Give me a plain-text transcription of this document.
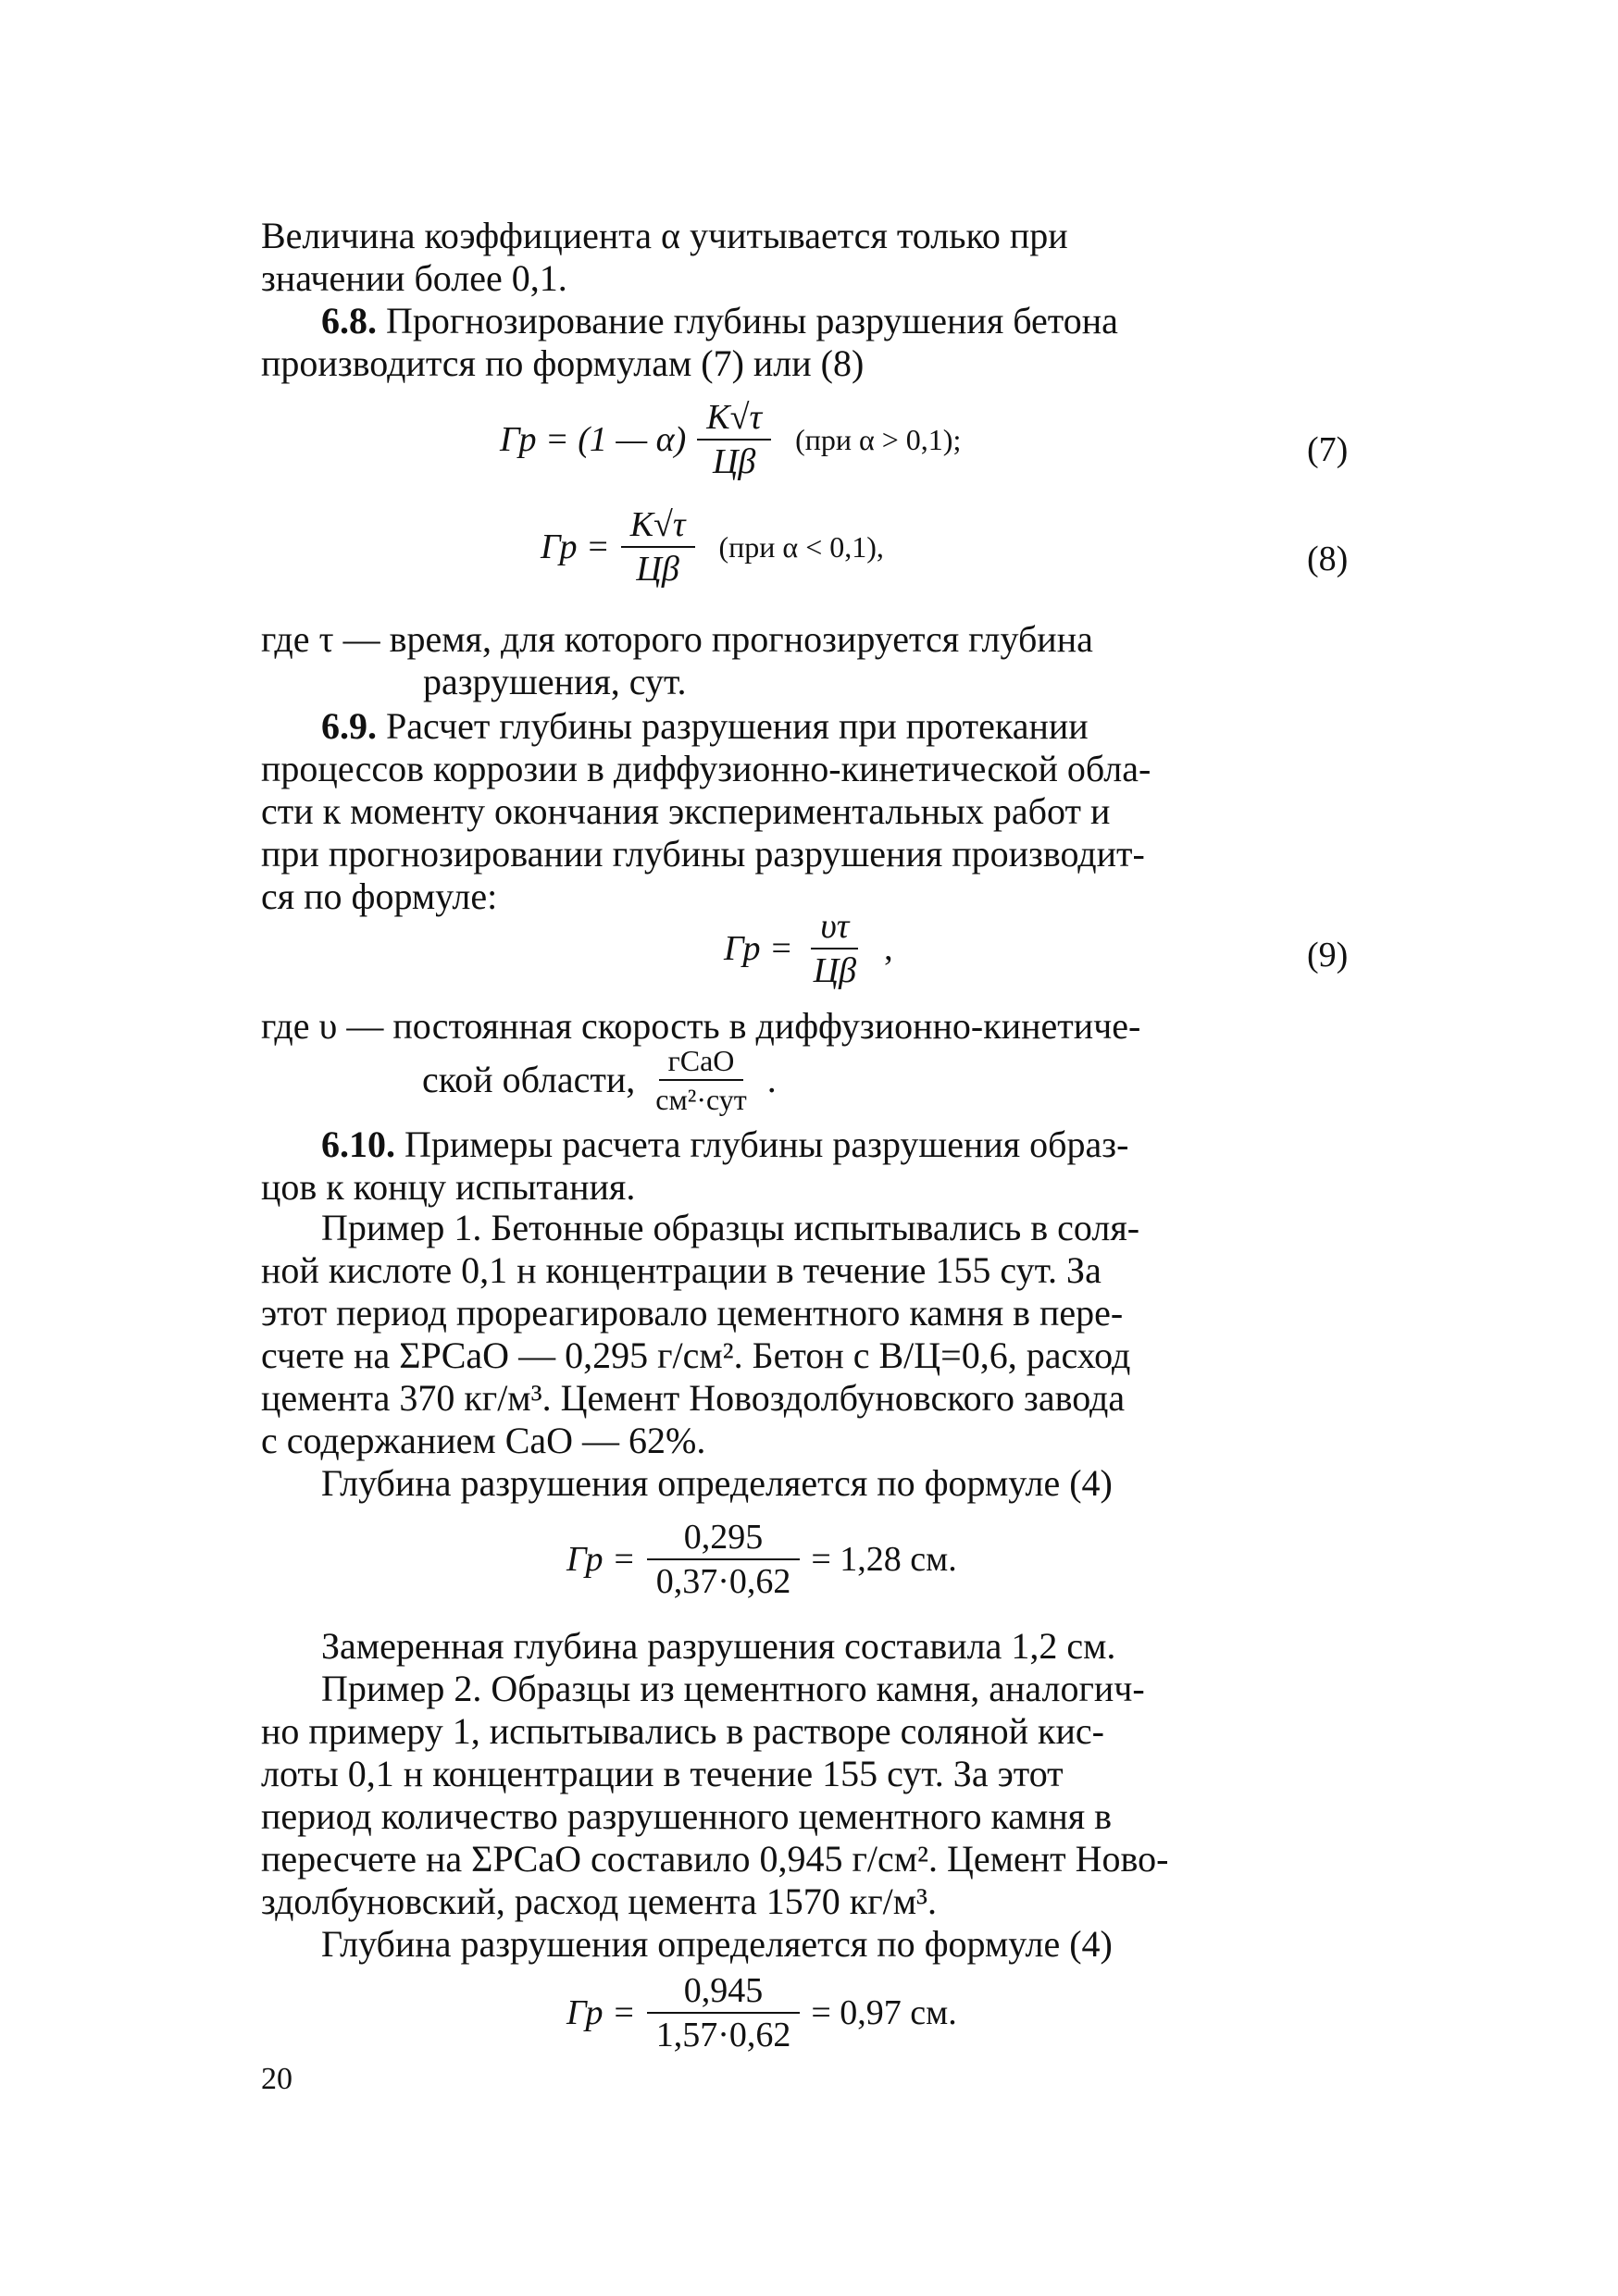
Величина коэффициента α учитывается только при
значении более 0,1.
6.8. Прогнозирование глубины разрушения бетона
производится по формулам (7) или (8)
Гр = (1 — $\alpha) \frac{K√\tau}{Ц\beta} (при$ α > 0,1);	(7)
Гр = $\frac{K√\tau}{Ц\beta} (при$ α < 0,1),	(8)
где τ — время, для которого прогнозируется глубина
разрушения, сут.
6.9. Расчет глубины разрушения при протекании
процессов коррозии в диффузионно-кинетической обла-
сти к моменту окончания экспериментальных работ и
при прогнозировании глубины разрушения производит-
ся по формуле:
Гр = $\frac{\upsilon\tau}{Ц\beta}$ ,	(9)
где υ — постоянная скорость в диффузионно-кинетиче-
ской области, $\frac{\text{гCaO}}{\text{см²·сут}}$ .
6.10. Примеры расчета глубины разрушения образ-
цов к концу испытания.
Пример 1. Бетонные образцы испытывались в соля-
ной кислоте 0,1 н концентрации в течение 155 сут. За
этот период прореагировало цементного камня в пере-
счете на ΣPCaO — 0,295 г/см². Бетон с В/Ц=0,6, расход
цемента 370 кг/м³. Цемент Новоздолбуновского завода
с содержанием CaO — 62%.
Глубина разрушения определяется по формуле (4)
Гр = $\frac{0,295}{0,37\cdot 0,62} = 1,28$ см.
Замеренная глубина разрушения составила 1,2 см.
Пример 2. Образцы из цементного камня, аналогич-
но примеру 1, испытывались в растворе соляной кис-
лоты 0,1 н концентрации в течение 155 сут. За этот
период количество разрушенного цементного камня в
пересчете на ΣPCaO составило 0,945 г/см². Цемент Ново-
здолбуновский, расход цемента 1570 кг/м³.
Глубина разрушения определяется по формуле (4)
Гр = $\frac{0,945}{1,57\cdot 0,62} = 0,97$ см.
20
